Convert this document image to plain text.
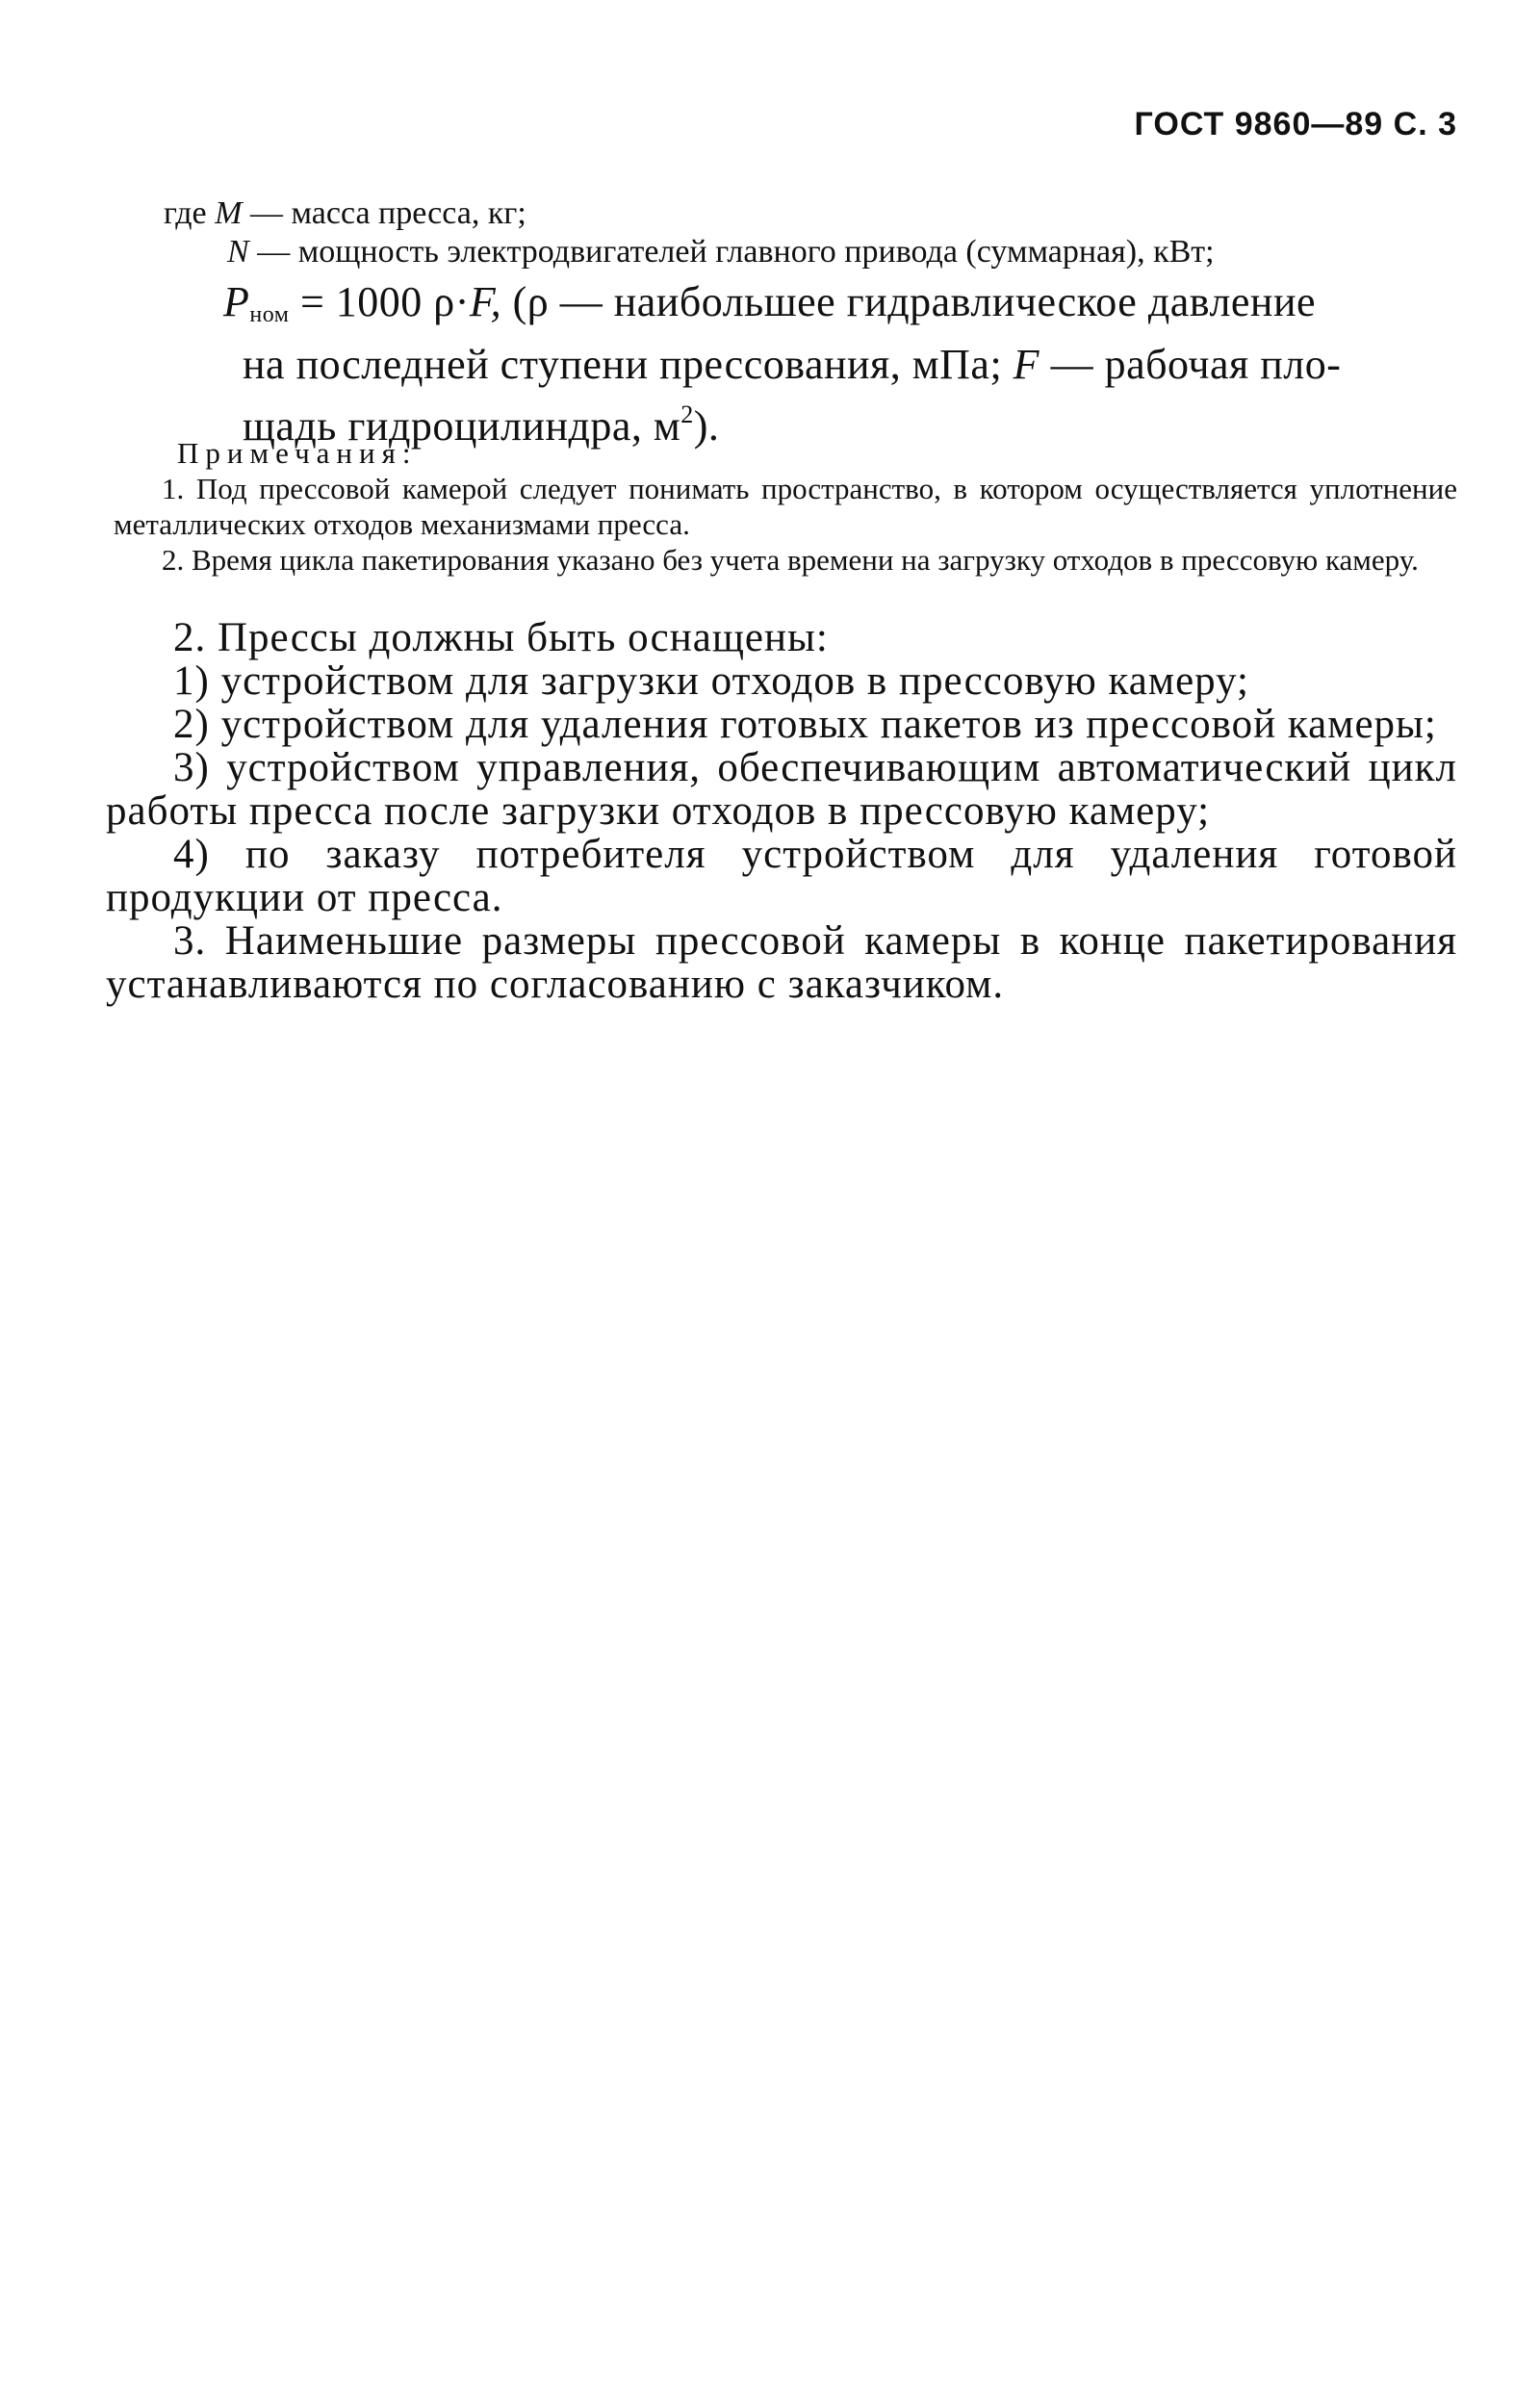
ГОСТ 9860—89 С. 3
где M — масса пресса, кг;
N — мощность электродвигателей главного привода (суммарная), кВт;
$P_{ном} = 1000$ ρ·F, (ρ — наибольшее гидравлическое давление
на последней ступени прессования, мПа; F — рабочая пло-
щадь гидроцилиндра, $м^2$).
Примечания:
1. Под прессовой камерой следует понимать пространство, в котором осуществляется уплотнение металлических отходов механизмами пресса.
2. Время цикла пакетирования указано без учета времени на загрузку отходов в прессовую камеру.
2. Прессы должны быть оснащены:
1) устройством для загрузки отходов в прессовую камеру;
2) устройством для удаления готовых пакетов из прессовой камеры;
3) устройством управления, обеспечивающим автоматический цикл работы пресса после загрузки отходов в прессовую камеру;
4) по заказу потребителя устройством для удаления готовой продукции от пресса.
3. Наименьшие размеры прессовой камеры в конце пакетирования устанавливаются по согласованию с заказчиком.
